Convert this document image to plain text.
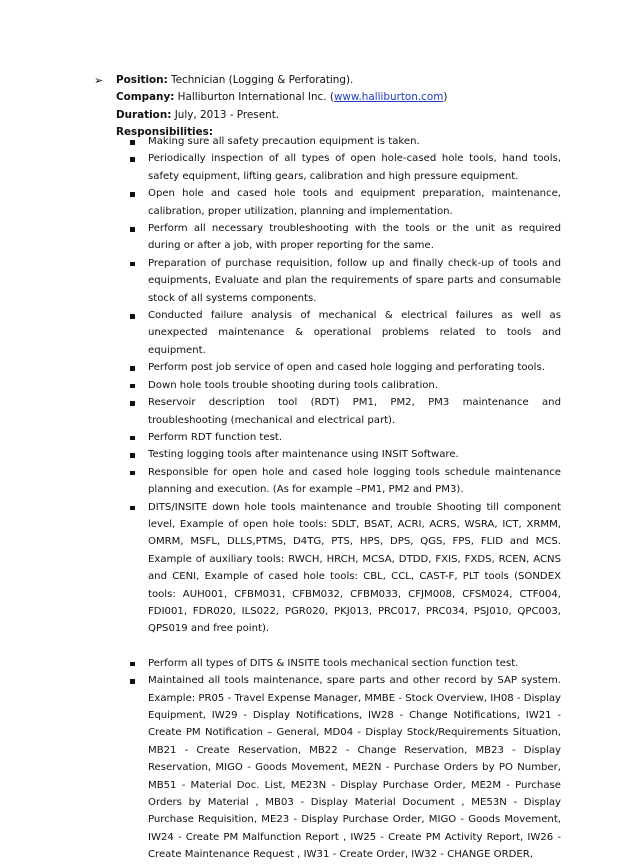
➢ Position: Technician (Logging & Perforating).
Company: Halliburton International Inc. (www.halliburton.com)
Duration: July, 2013 - Present.
Responsibilities:
Making sure all safety precaution equipment is taken.
Periodically inspection of all types of open hole-cased hole tools, hand tools, safety equipment, lifting gears, calibration and high pressure equipment.
Open hole and cased hole tools and equipment preparation, maintenance, calibration, proper utilization, planning and implementation.
Perform all necessary troubleshooting with the tools or the unit as required during or after a job, with proper reporting for the same.
Preparation of purchase requisition, follow up and finally check-up of tools and equipments, Evaluate and plan the requirements of spare parts and consumable stock of all systems components.
Conducted failure analysis of mechanical & electrical failures as well as unexpected maintenance & operational problems related to tools and equipment.
Perform post job service of open and cased hole logging and perforating tools.
Down hole tools trouble shooting during tools calibration.
Reservoir description tool (RDT) PM1, PM2, PM3 maintenance and troubleshooting (mechanical and electrical part).
Perform RDT function test.
Testing logging tools after maintenance using INSIT Software.
Responsible for open hole and cased hole logging tools schedule maintenance planning and execution. (As for example –PM1, PM2 and PM3).
DITS/INSITE down hole tools maintenance and trouble Shooting till component level, Example of open hole tools: SDLT, BSAT, ACRI, ACRS, WSRA, ICT, XRMM, OMRM, MSFL, DLLS,PTMS, D4TG, PTS, HPS, DPS, QGS, FPS, FLID and MCS. Example of auxiliary tools: RWCH, HRCH, MCSA, DTDD, FXIS, FXDS, RCEN, ACNS and CENI, Example of cased hole tools: CBL, CCL, CAST-F, PLT tools (SONDEX tools: AUH001, CFBM031, CFBM032, CFBM033, CFJM008, CFSM024, CTF004, FDI001, FDR020, ILS022, PGR020, PKJ013, PRC017, PRC034, PSJ010, QPC003, QPS019 and free point).
Perform all types of DITS & INSITE tools mechanical section function test.
Maintained all tools maintenance, spare parts and other record by SAP system. Example: PR05 - Travel Expense Manager, MMBE - Stock Overview, IH08 - Display Equipment, IW29 - Display Notifications, IW28 - Change Notifications, IW21 - Create PM Notification – General, MD04 - Display Stock/Requirements Situation, MB21 - Create Reservation, MB22 - Change Reservation, MB23 - Display Reservation, MIGO - Goods Movement, ME2N - Purchase Orders by PO Number, MB51 - Material Doc. List, ME23N - Display Purchase Order, ME2M - Purchase Orders by Material , MB03 - Display Material Document , ME53N - Display Purchase Requisition, ME23 - Display Purchase Order, MIGO - Goods Movement, IW24 - Create PM Malfunction Report , IW25 - Create PM Activity Report, IW26 - Create Maintenance Request , IW31 - Create Order, IW32 - CHANGE ORDER,
